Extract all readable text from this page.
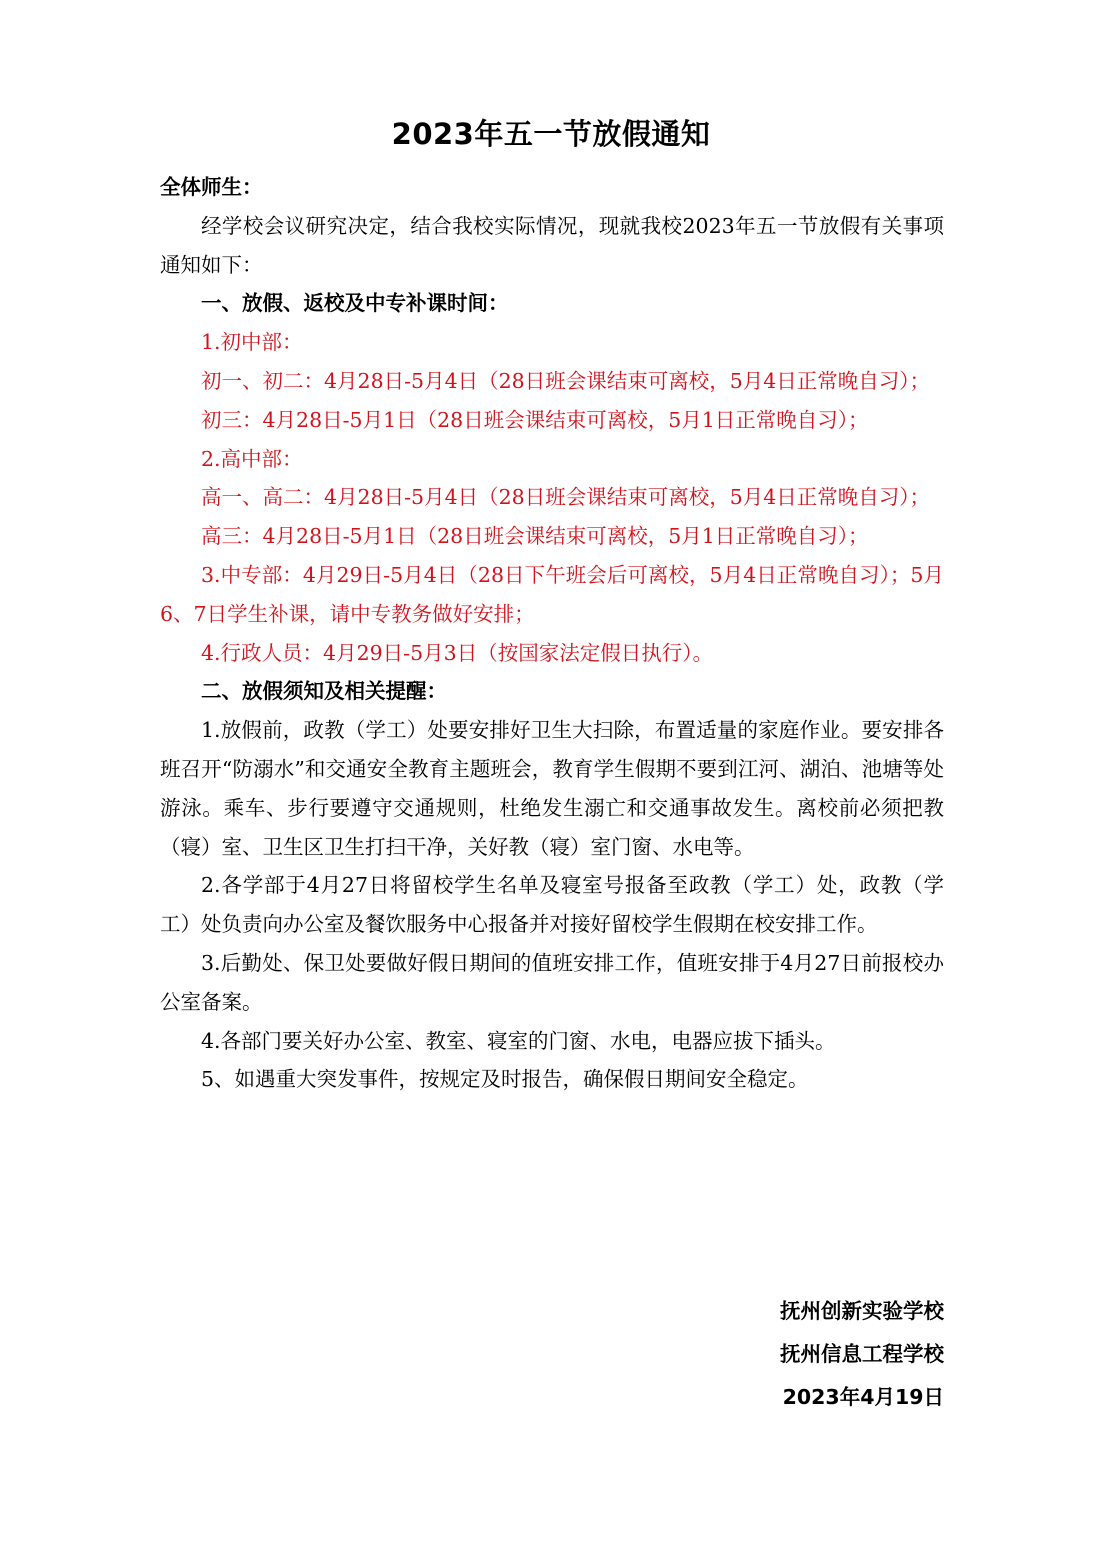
2023年五一节放假通知

全体师生：

经学校会议研究决定，结合我校实际情况，现就我校2023年五一节放假有关事项通知如下：

一、放假、返校及中专补课时间：

1.初中部：

初一、初二：4月28日-5月4日（28日班会课结束可离校，5月4日正常晚自习）；

初三：4月28日-5月1日（28日班会课结束可离校，5月1日正常晚自习）；

2.高中部：

高一、高二：4月28日-5月4日（28日班会课结束可离校，5月4日正常晚自习）；

高三：4月28日-5月1日（28日班会课结束可离校，5月1日正常晚自习）；

3.中专部：4月29日-5月4日（28日下午班会后可离校，5月4日正常晚自习）；5月6、7日学生补课，请中专教务做好安排；

4.行政人员：4月29日-5月3日（按国家法定假日执行）。

二、放假须知及相关提醒：

1.放假前，政教（学工）处要安排好卫生大扫除，布置适量的家庭作业。要安排各班召开“防溺水”和交通安全教育主题班会，教育学生假期不要到江河、湖泊、池塘等处游泳。乘车、步行要遵守交通规则，杜绝发生溺亡和交通事故发生。离校前必须把教（寝）室、卫生区卫生打扫干净，关好教（寝）室门窗、水电等。

2.各学部于4月27日将留校学生名单及寝室号报备至政教（学工）处，政教（学工）处负责向办公室及餐饮服务中心报备并对接好留校学生假期在校安排工作。

3.后勤处、保卫处要做好假日期间的值班安排工作，值班安排于4月27日前报校办公室备案。

4.各部门要关好办公室、教室、寝室的门窗、水电，电器应拔下插头。

5、如遇重大突发事件，按规定及时报告，确保假日期间安全稳定。

抚州创新实验学校
抚州信息工程学校
2023年4月19日
